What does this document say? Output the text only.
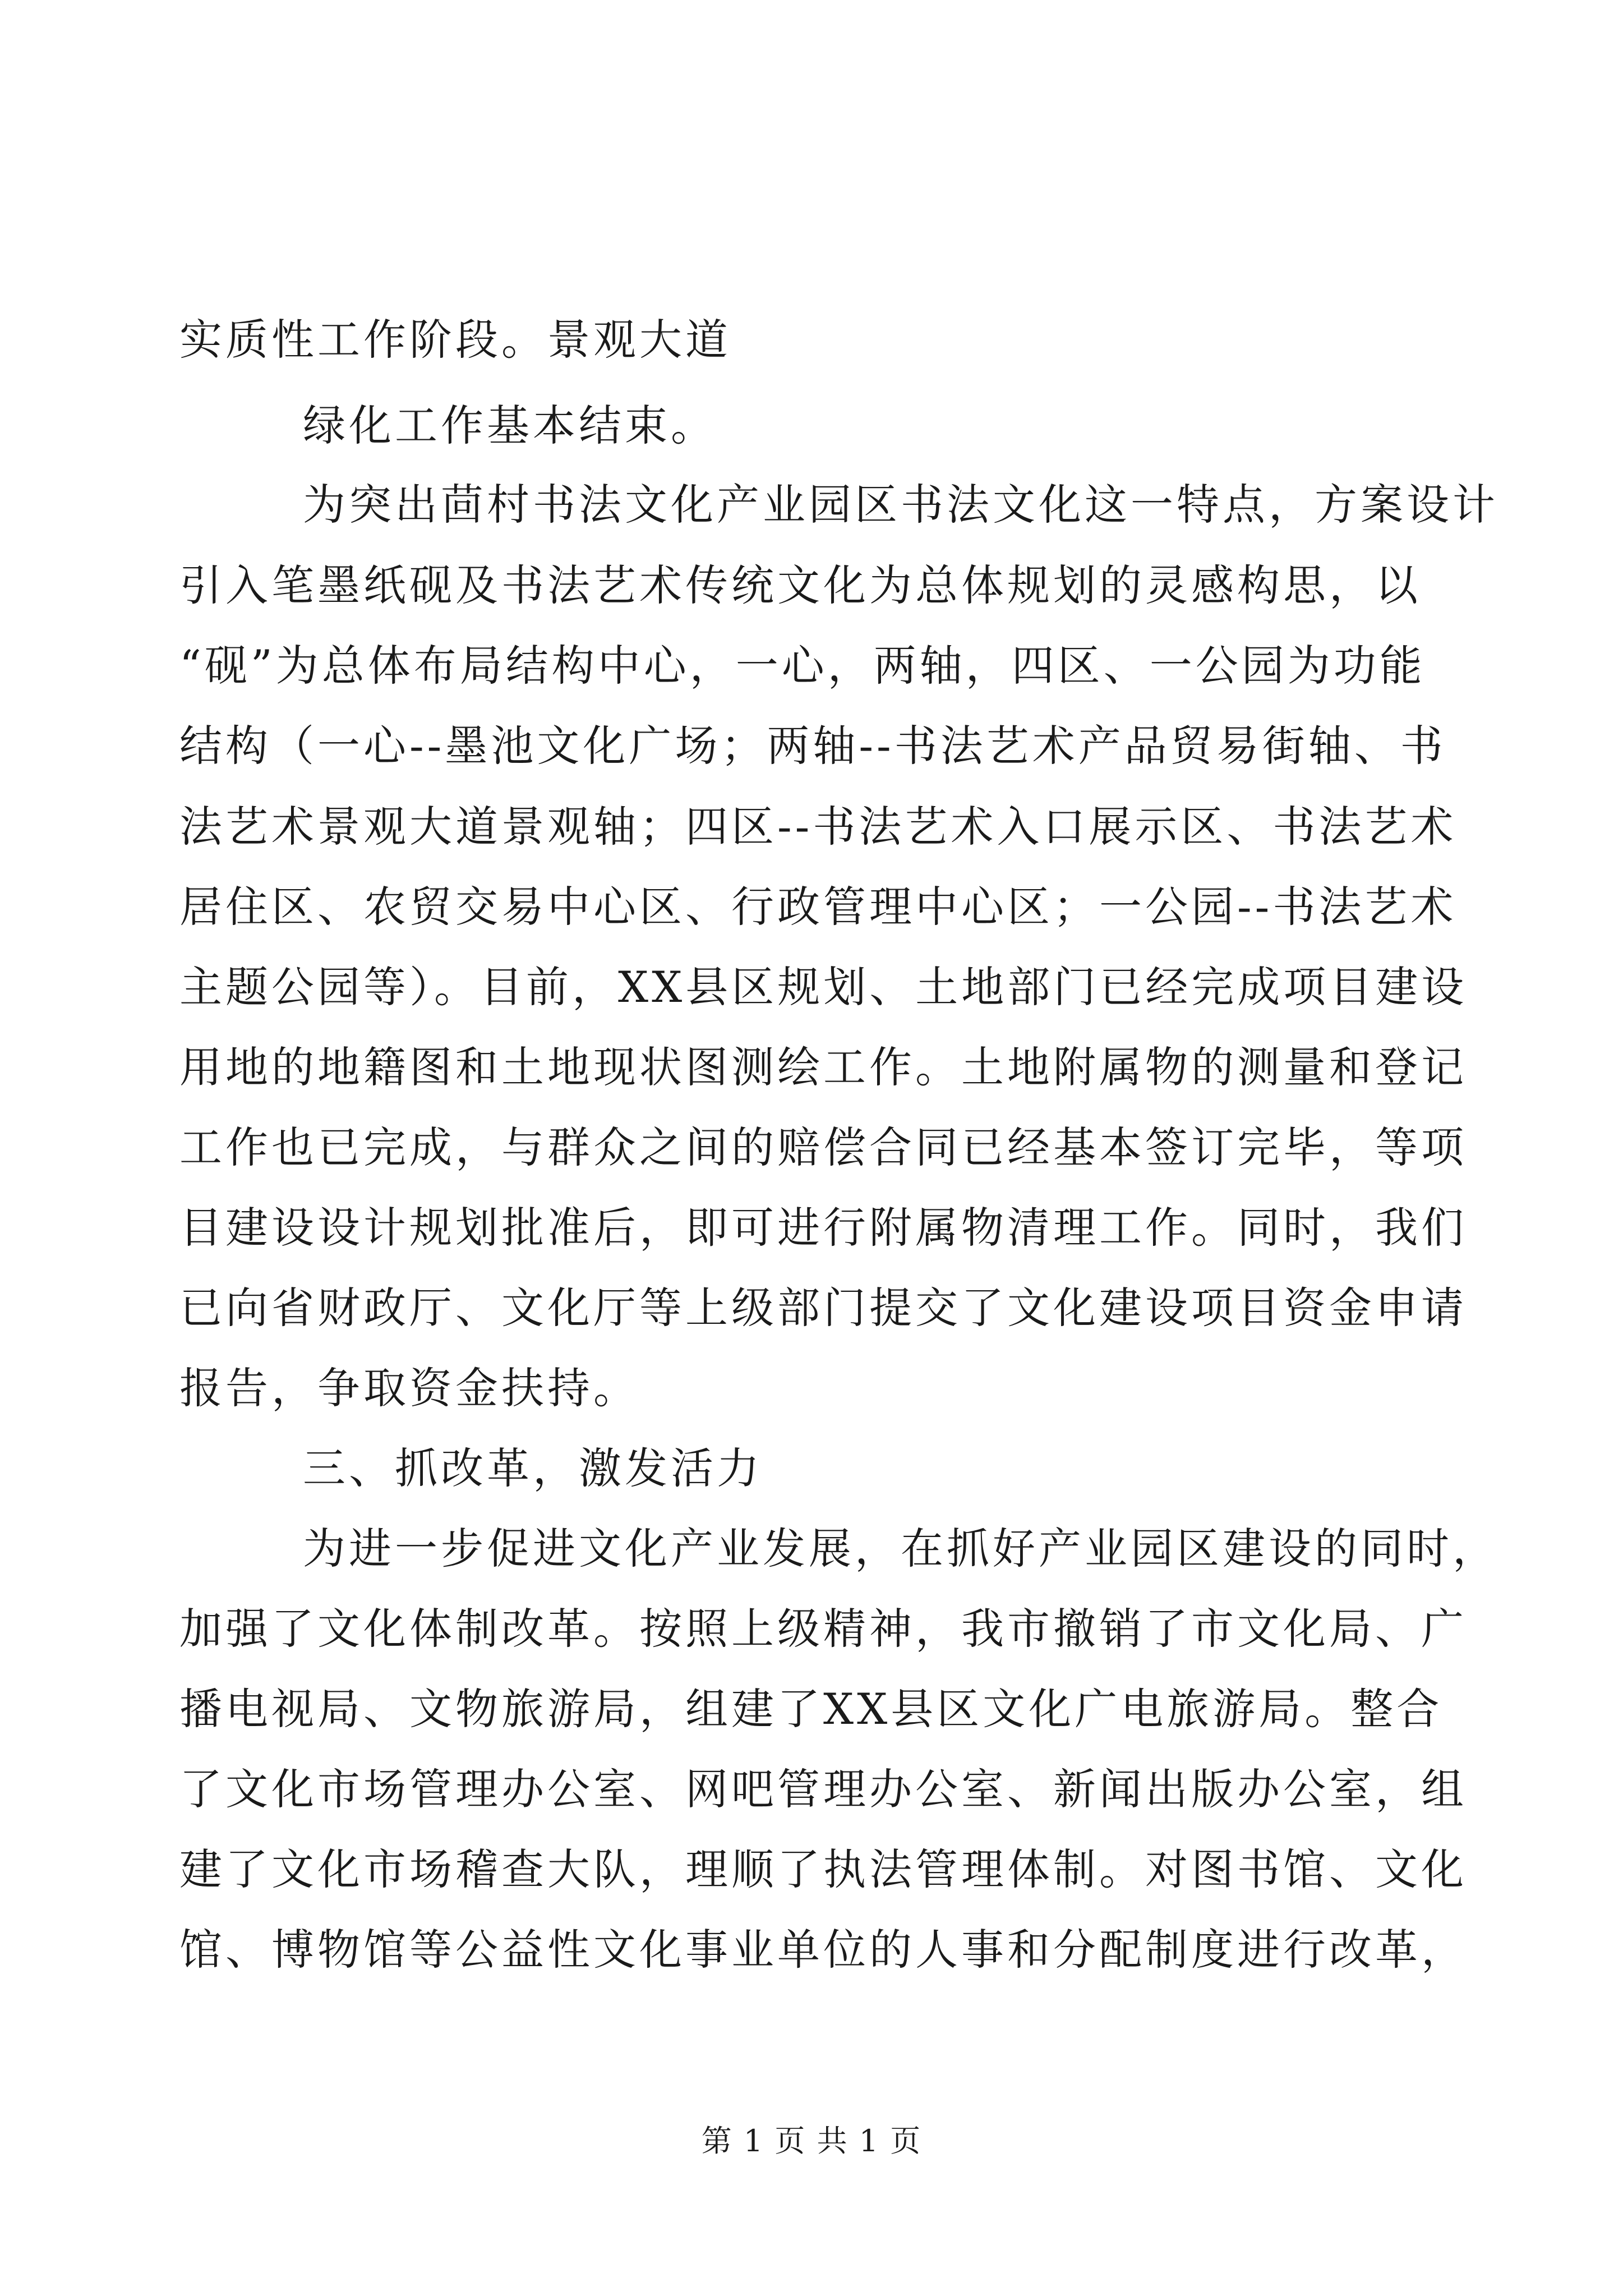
实质性工作阶段。景观大道
绿化工作基本结束。
为突出茴村书法文化产业园区书法文化这一特点，方案设计
引入笔墨纸砚及书法艺术传统文化为总体规划的灵感构思，以
“砚”为总体布局结构中心，一心，两轴，四区、一公园为功能
结构（一心--墨池文化广场；两轴--书法艺术产品贸易街轴、书
法艺术景观大道景观轴；四区--书法艺术入口展示区、书法艺术
居住区、农贸交易中心区、行政管理中心区；一公园--书法艺术
主题公园等）。目前，XX县区规划、土地部门已经完成项目建设
用地的地籍图和土地现状图测绘工作。土地附属物的测量和登记
工作也已完成，与群众之间的赔偿合同已经基本签订完毕，等项
目建设设计规划批准后，即可进行附属物清理工作。同时，我们
已向省财政厅、文化厅等上级部门提交了文化建设项目资金申请
报告，争取资金扶持。
三、抓改革，激发活力
为进一步促进文化产业发展，在抓好产业园区建设的同时，
加强了文化体制改革。按照上级精神，我市撤销了市文化局、广
播电视局、文物旅游局，组建了XX县区文化广电旅游局。整合
了文化市场管理办公室、网吧管理办公室、新闻出版办公室，组
建了文化市场稽查大队，理顺了执法管理体制。对图书馆、文化
馆、博物馆等公益性文化事业单位的人事和分配制度进行改革，
第 1 页 共 1 页
